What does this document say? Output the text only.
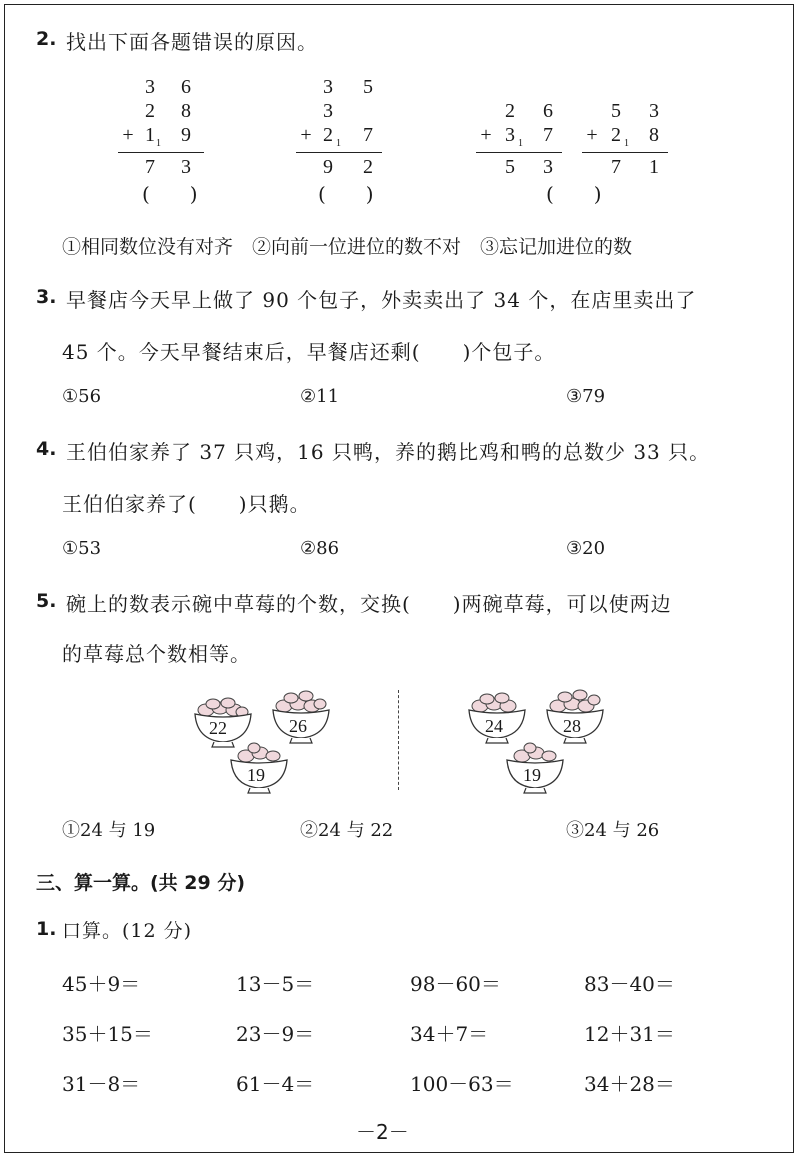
2. 找出下面各题错误的原因。
3 6
2 8
+ 1 1 9
7 3
(　　)
3 5
3
+ 2 1 7
9 2
(　　)
2 6
+ 3 1 7
5 3
5 3
+ 2 1 8
7 1
(　　)
①相同数位没有对齐　②向前一位进位的数不对　③忘记加进位的数
3. 早餐店今天早上做了 90 个包子，外卖卖出了 34 个，在店里卖出了
45 个。今天早餐结束后，早餐店还剩(　　)个包子。
①56	②11	③79
4. 王伯伯家养了 37 只鸡，16 只鸭，养的鹅比鸡和鸭的总数少 33 只。
王伯伯家养了(　　)只鹅。
①53	②86	③20
5. 碗上的数表示碗中草莓的个数，交换(　　)两碗草莓，可以使两边
的草莓总个数相等。
22	26
19
24	28
19
①24 与 19	②24 与 22	③24 与 26
三、算一算。(共 29 分)
1. 口算。(12 分)
45＋9＝	13－5＝	98－60＝	83－40＝
35＋15＝	23－9＝	34＋7＝	12＋31＝
31－8＝	61－4＝	100－63＝	34＋28＝
－2－
